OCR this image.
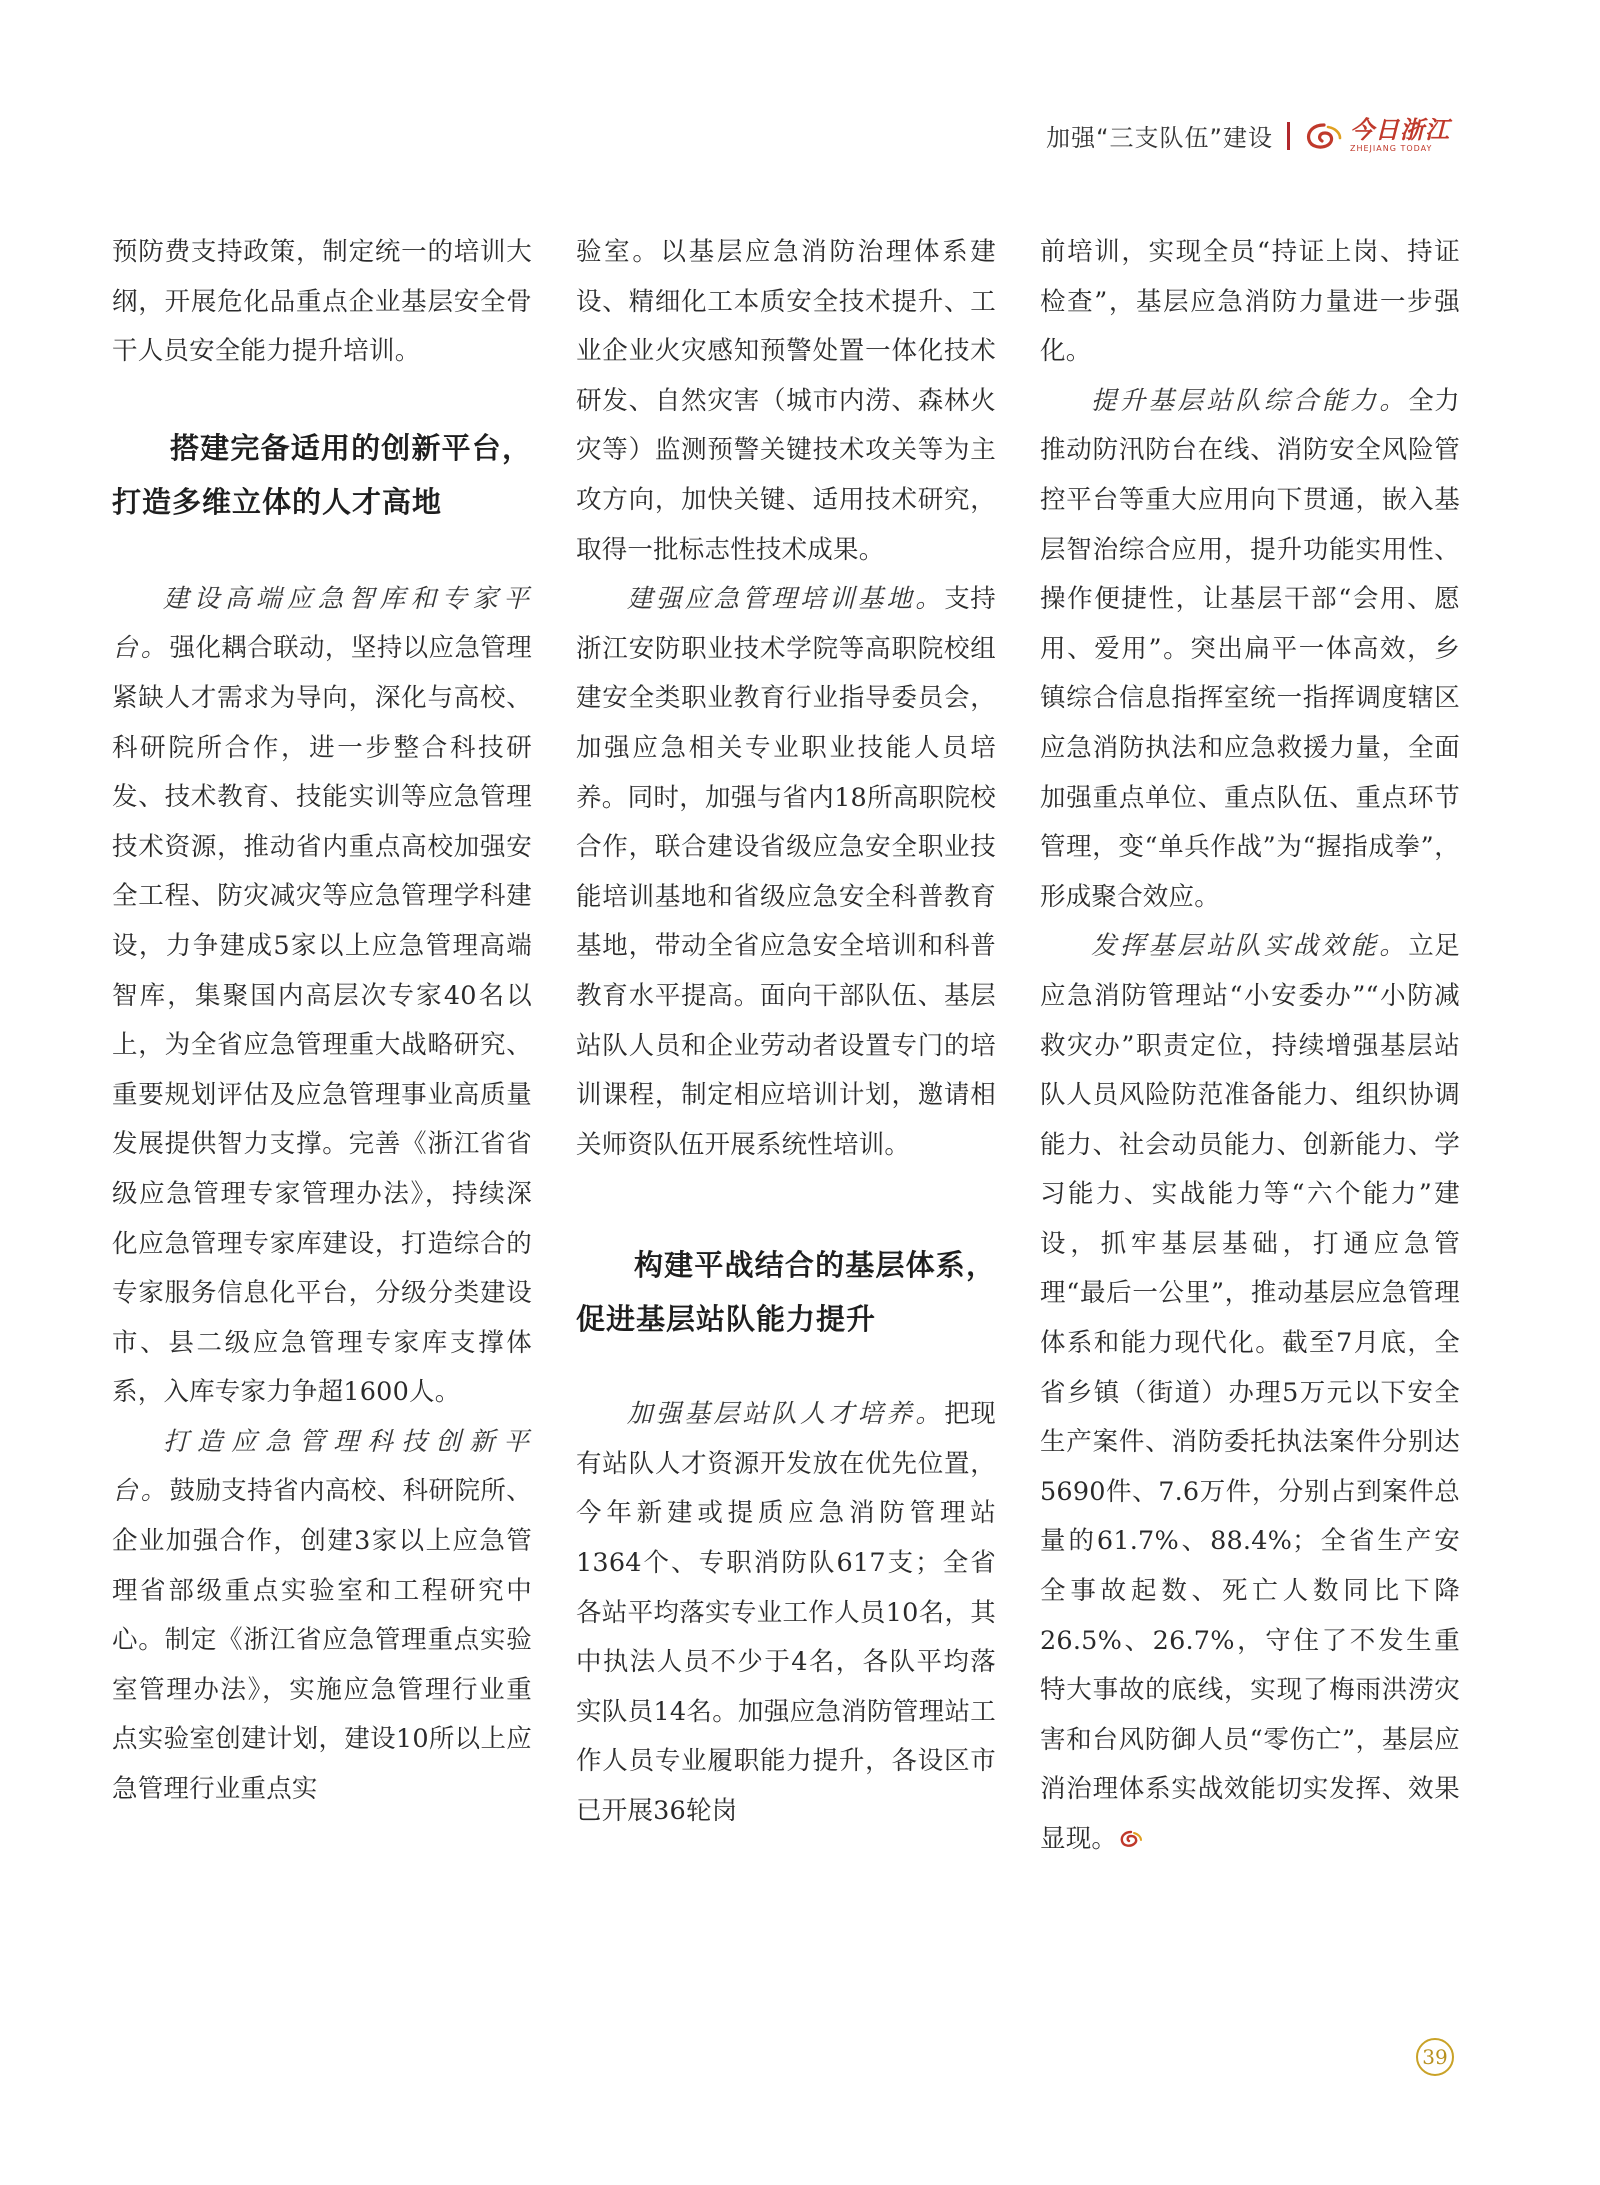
加强“三支队伍”建设	今日浙江
ZHEJIANG TODAY

预防费支持政策，制定统一的培训大纲，开展危化品重点企业基层安全骨干人员安全能力提升培训。

搭建完备适用的创新平台，打造多维立体的人才高地

建设高端应急智库和专家平台。强化耦合联动，坚持以应急管理紧缺人才需求为导向，深化与高校、科研院所合作，进一步整合科技研发、技术教育、技能实训等应急管理技术资源，推动省内重点高校加强安全工程、防灾减灾等应急管理学科建设，力争建成5家以上应急管理高端智库，集聚国内高层次专家40名以上，为全省应急管理重大战略研究、重要规划评估及应急管理事业高质量发展提供智力支撑。完善《浙江省省级应急管理专家管理办法》，持续深化应急管理专家库建设，打造综合的专家服务信息化平台，分级分类建设市、县二级应急管理专家库支撑体系，入库专家力争超1600人。

打造应急管理科技创新平台。鼓励支持省内高校、科研院所、企业加强合作，创建3家以上应急管理省部级重点实验室和工程研究中心。制定《浙江省应急管理重点实验室管理办法》，实施应急管理行业重点实验室创建计划，建设10所以上应急管理行业重点实

验室。以基层应急消防治理体系建设、精细化工本质安全技术提升、工业企业火灾感知预警处置一体化技术研发、自然灾害（城市内涝、森林火灾等）监测预警关键技术攻关等为主攻方向，加快关键、适用技术研究，取得一批标志性技术成果。

建强应急管理培训基地。支持浙江安防职业技术学院等高职院校组建安全类职业教育行业指导委员会，加强应急相关专业职业技能人员培养。同时，加强与省内18所高职院校合作，联合建设省级应急安全职业技能培训基地和省级应急安全科普教育基地，带动全省应急安全培训和科普教育水平提高。面向干部队伍、基层站队人员和企业劳动者设置专门的培训课程，制定相应培训计划，邀请相关师资队伍开展系统性培训。

构建平战结合的基层体系，促进基层站队能力提升

加强基层站队人才培养。把现有站队人才资源开发放在优先位置，今年新建或提质应急消防管理站1364个、专职消防队617支；全省各站平均落实专业工作人员10名，其中执法人员不少于4名，各队平均落实队员14名。加强应急消防管理站工作人员专业履职能力提升，各设区市已开展36轮岗

前培训，实现全员“持证上岗、持证检查”，基层应急消防力量进一步强化。

提升基层站队综合能力。全力推动防汛防台在线、消防安全风险管控平台等重大应用向下贯通，嵌入基层智治综合应用，提升功能实用性、操作便捷性，让基层干部“会用、愿用、爱用”。突出扁平一体高效，乡镇综合信息指挥室统一指挥调度辖区应急消防执法和应急救援力量，全面加强重点单位、重点队伍、重点环节管理，变“单兵作战”为“握指成拳”，形成聚合效应。

发挥基层站队实战效能。立足应急消防管理站“小安委办”“小防减救灾办”职责定位，持续增强基层站队人员风险防范准备能力、组织协调能力、社会动员能力、创新能力、学习能力、实战能力等“六个能力”建设，抓牢基层基础，打通应急管理“最后一公里”，推动基层应急管理体系和能力现代化。截至7月底，全省乡镇（街道）办理5万元以下安全生产案件、消防委托执法案件分别达5690件、7.6万件，分别占到案件总量的61.7%、88.4%；全省生产安全事故起数、死亡人数同比下降26.5%、26.7%，守住了不发生重特大事故的底线，实现了梅雨洪涝灾害和台风防御人员“零伤亡”，基层应消治理体系实战效能切实发挥、效果显现。

39
